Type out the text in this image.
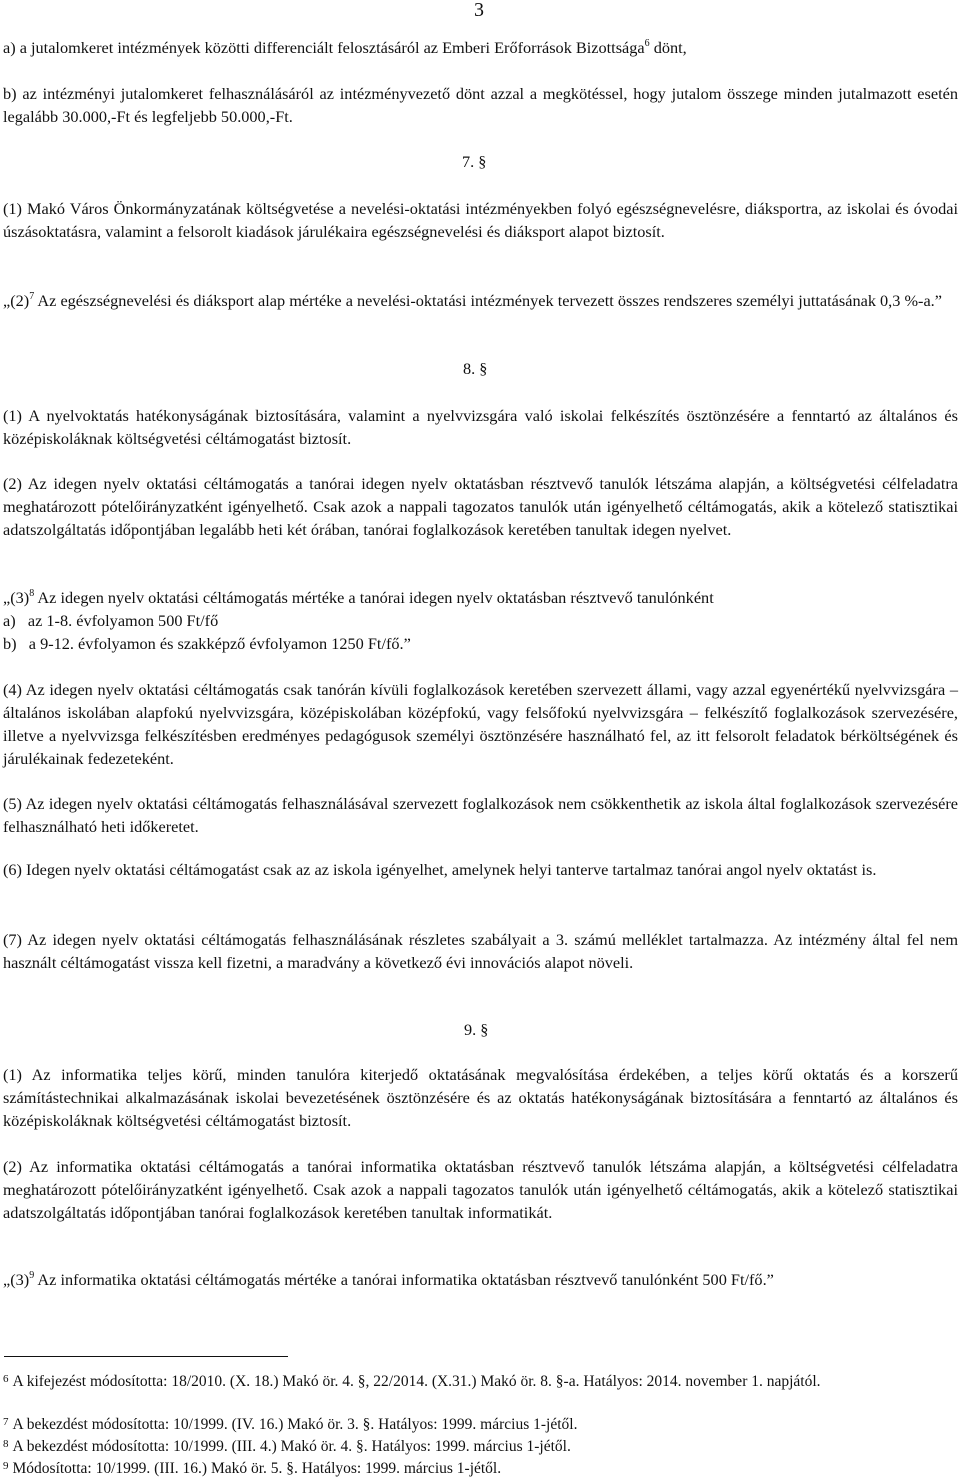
3

a) a jutalomkeret intézmények közötti differenciált felosztásáról az Emberi Erőforrások Bizottsága$^6$ dönt,

b) az intézményi jutalomkeret felhasználásáról az intézményvezető dönt azzal a megkötéssel, hogy jutalom összege minden jutalmazott esetén legalább 30.000,-Ft és legfeljebb 50.000,-Ft.

7. §

(1) Makó Város Önkormányzatának költségvetése a nevelési-oktatási intézményekben folyó egészségnevelésre, diáksportra, az iskolai és óvodai úszásoktatásra, valamint a felsorolt kiadások járulékaira egészségnevelési és diáksport alapot biztosít.

$„(2)^7$ Az egészségnevelési és diáksport alap mértéke a nevelési-oktatási intézmények tervezett összes rendszeres személyi juttatásának 0,3 %-a.”

8. §

(1) A nyelvoktatás hatékonyságának biztosítására, valamint a nyelvvizsgára való iskolai felkészítés ösztönzésére a fenntartó az általános és középiskoláknak költségvetési céltámogatást biztosít.

(2) Az idegen nyelv oktatási céltámogatás a tanórai idegen nyelv oktatásban résztvevő tanulók létszáma alapján, a költségvetési célfeladatra meghatározott pótelőirányzatként igényelhető. Csak azok a nappali tagozatos tanulók után igényelhető céltámogatás, akik a kötelező statisztikai adatszolgáltatás időpontjában legalább heti két órában, tanórai foglalkozások keretében tanultak idegen nyelvet.

$„(3)^8$ Az idegen nyelv oktatási céltámogatás mértéke a tanórai idegen nyelv oktatásban résztvevő tanulónként

a)   az 1-8. évfolyamon 500 Ft/fő
b)   a 9-12. évfolyamon és szakképző évfolyamon 1250 Ft/fő.”

(4) Az idegen nyelv oktatási céltámogatás csak tanórán kívüli foglalkozások keretében szervezett állami, vagy azzal egyenértékű nyelvvizsgára – általános iskolában alapfokú nyelvvizsgára, középiskolában középfokú, vagy felsőfokú nyelvvizsgára – felkészítő foglalkozások szervezésére, illetve a nyelvvizsga felkészítésben eredményes pedagógusok személyi ösztönzésére használható fel, az itt felsorolt feladatok bérköltségének és járulékainak fedezeteként.

(5) Az idegen nyelv oktatási céltámogatás felhasználásával szervezett foglalkozások nem csökkenthetik az iskola által foglalkozások szervezésére felhasználható heti időkeretet.

(6) Idegen nyelv oktatási céltámogatást csak az az iskola igényelhet, amelynek helyi tanterve tartalmaz tanórai angol nyelv oktatást is.

(7) Az idegen nyelv oktatási céltámogatás felhasználásának részletes szabályait a 3. számú melléklet tartalmazza. Az intézmény által fel nem használt céltámogatást vissza kell fizetni, a maradvány a következő évi innovációs alapot növeli.

9. §

(1) Az informatika teljes körű, minden tanulóra kiterjedő oktatásának megvalósítása érdekében, a teljes körű oktatás és a korszerű számítástechnikai alkalmazásának iskolai bevezetésének ösztönzésére és az oktatás hatékonyságának biztosítására a fenntartó az általános és középiskoláknak költségvetési céltámogatást biztosít.

(2) Az informatika oktatási céltámogatás a tanórai informatika oktatásban résztvevő tanulók létszáma alapján, a költségvetési célfeladatra meghatározott pótelőirányzatként igényelhető. Csak azok a nappali tagozatos tanulók után igényelhető céltámogatás, akik a kötelező statisztikai adatszolgáltatás időpontjában tanórai foglalkozások keretében tanultak informatikát.

$„(3)^9$ Az informatika oktatási céltámogatás mértéke a tanórai informatika oktatásban résztvevő tanulónként 500 Ft/fő.”

$^6$ A kifejezést módosította: 18/2010. (X. 18.) Makó ör. 4. §, 22/2014. (X.31.) Makó ör. 8. §-a. Hatályos: 2014. november 1. napjától.

$^7$ A bekezdést módosította: 10/1999. (IV. 16.) Makó ör. 3. §. Hatályos: 1999. március 1-jétől.

$^8$ A bekezdést módosította: 10/1999. (III. 4.) Makó ör. 4. §. Hatályos: 1999. március 1-jétől.

$^9$ Módosította: 10/1999. (III. 16.) Makó ör. 5. §. Hatályos: 1999. március 1-jétől.
